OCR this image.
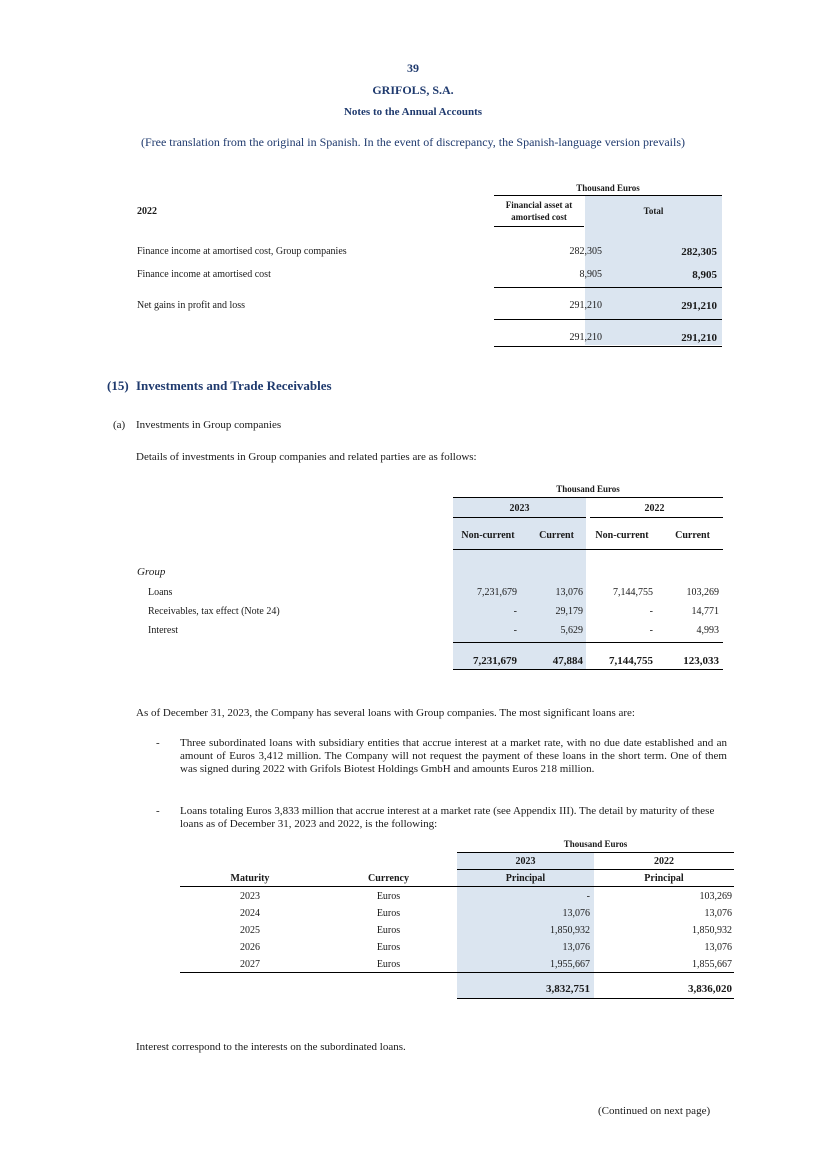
39
GRIFOLS, S.A.
Notes to the Annual Accounts
(Free translation from the original in Spanish. In the event of discrepancy, the Spanish-language version prevails)
Thousand Euros
2022
Financial asset at amortised cost
Total
Finance income at amortised cost, Group companies	282,305	282,305
Finance income at amortised cost	8,905	8,905
Net gains in profit and loss	291,210	291,210
291,210	291,210
(15) Investments and Trade Receivables
(a) Investments in Group companies
Details of investments in Group companies and related parties are as follows:
Thousand Euros
2023	2022
Non-current	Current	Non-current	Current
Group
Loans	7,231,679	13,076	7,144,755	103,269
Receivables, tax effect (Note 24)	-	29,179	-	14,771
Interest	-	5,629	-	4,993
7,231,679	47,884	7,144,755	123,033
As of December 31, 2023, the Company has several loans with Group companies. The most significant loans are:
- Three subordinated loans with subsidiary entities that accrue interest at a market rate, with no due date established and an amount of Euros 3,412 million. The Company will not request the payment of these loans in the short term. One of them was signed during 2022 with Grifols Biotest Holdings GmbH and amounts Euros 218 million.
- Loans totaling Euros 3,833 million that accrue interest at a market rate (see Appendix III). The detail by maturity of these loans as of December 31, 2023 and 2022, is the following:
Thousand Euros
2023	2022
Maturity	Currency	Principal	Principal
2023	Euros	-	103,269
2024	Euros	13,076	13,076
2025	Euros	1,850,932	1,850,932
2026	Euros	13,076	13,076
2027	Euros	1,955,667	1,855,667
3,832,751	3,836,020
Interest correspond to the interests on the subordinated loans.
(Continued on next page)
